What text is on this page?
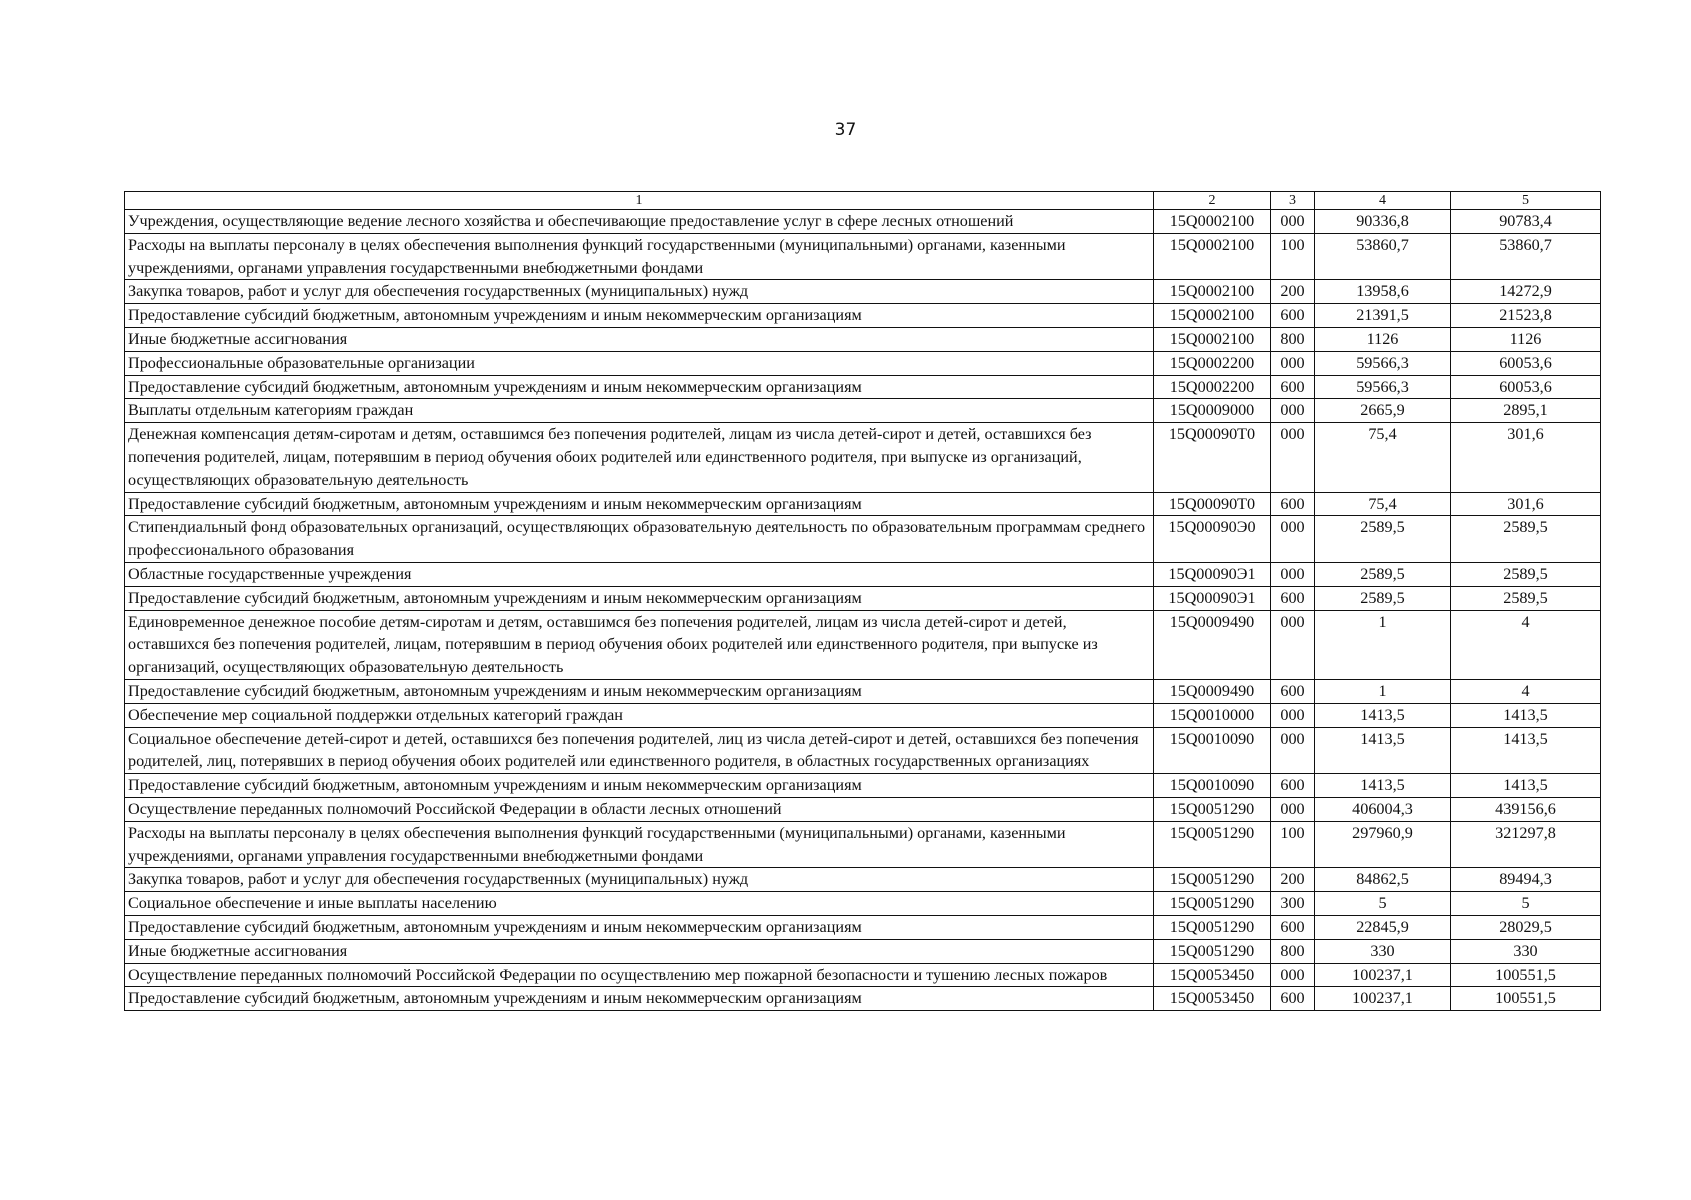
37
1	2	3	4	5
Учреждения, осуществляющие ведение лесного хозяйства и обеспечивающие предоставление услуг в сфере лесных отношений	15Q0002100	000	90336,8	90783,4
Расходы на выплаты персоналу в целях обеспечения выполнения функций государственными (муниципальными) органами, казенными учреждениями, органами управления государственными внебюджетными фондами	15Q0002100	100	53860,7	53860,7
Закупка товаров, работ и услуг для обеспечения государственных (муниципальных) нужд	15Q0002100	200	13958,6	14272,9
Предоставление субсидий бюджетным, автономным учреждениям и иным некоммерческим организациям	15Q0002100	600	21391,5	21523,8
Иные бюджетные ассигнования	15Q0002100	800	1126	1126
Профессиональные образовательные организации	15Q0002200	000	59566,3	60053,6
Предоставление субсидий бюджетным, автономным учреждениям и иным некоммерческим организациям	15Q0002200	600	59566,3	60053,6
Выплаты отдельным категориям граждан	15Q0009000	000	2665,9	2895,1
Денежная компенсация детям-сиротам и детям, оставшимся без попечения родителей, лицам из числа детей-сирот и детей, оставшихся без попечения родителей, лицам, потерявшим в период обучения обоих родителей или единственного родителя, при выпуске из организаций, осуществляющих образовательную деятельность	15Q00090Т0	000	75,4	301,6
Предоставление субсидий бюджетным, автономным учреждениям и иным некоммерческим организациям	15Q00090Т0	600	75,4	301,6
Стипендиальный фонд образовательных организаций, осуществляющих образовательную деятельность по образовательным программам среднего профессионального образования	15Q00090Э0	000	2589,5	2589,5
Областные государственные учреждения	15Q00090Э1	000	2589,5	2589,5
Предоставление субсидий бюджетным, автономным учреждениям и иным некоммерческим организациям	15Q00090Э1	600	2589,5	2589,5
Единовременное денежное пособие детям-сиротам и детям, оставшимся без попечения родителей, лицам из числа детей-сирот и детей, оставшихся без попечения родителей, лицам, потерявшим в период обучения обоих родителей или единственного родителя, при выпуске из организаций, осуществляющих образовательную деятельность	15Q0009490	000	1	4
Предоставление субсидий бюджетным, автономным учреждениям и иным некоммерческим организациям	15Q0009490	600	1	4
Обеспечение мер социальной поддержки отдельных категорий граждан	15Q0010000	000	1413,5	1413,5
Социальное обеспечение детей-сирот и детей, оставшихся без попечения родителей, лиц из числа детей-сирот и детей, оставшихся без попечения родителей, лиц, потерявших в период обучения обоих родителей или единственного родителя, в областных государственных организациях	15Q0010090	000	1413,5	1413,5
Предоставление субсидий бюджетным, автономным учреждениям и иным некоммерческим организациям	15Q0010090	600	1413,5	1413,5
Осуществление переданных полномочий Российской Федерации в области лесных отношений	15Q0051290	000	406004,3	439156,6
Расходы на выплаты персоналу в целях обеспечения выполнения функций государственными (муниципальными) органами, казенными учреждениями, органами управления государственными внебюджетными фондами	15Q0051290	100	297960,9	321297,8
Закупка товаров, работ и услуг для обеспечения государственных (муниципальных) нужд	15Q0051290	200	84862,5	89494,3
Социальное обеспечение и иные выплаты населению	15Q0051290	300	5	5
Предоставление субсидий бюджетным, автономным учреждениям и иным некоммерческим организациям	15Q0051290	600	22845,9	28029,5
Иные бюджетные ассигнования	15Q0051290	800	330	330
Осуществление переданных полномочий Российской Федерации по осуществлению мер пожарной безопасности и тушению лесных пожаров	15Q0053450	000	100237,1	100551,5
Предоставление субсидий бюджетным, автономным учреждениям и иным некоммерческим организациям	15Q0053450	600	100237,1	100551,5
